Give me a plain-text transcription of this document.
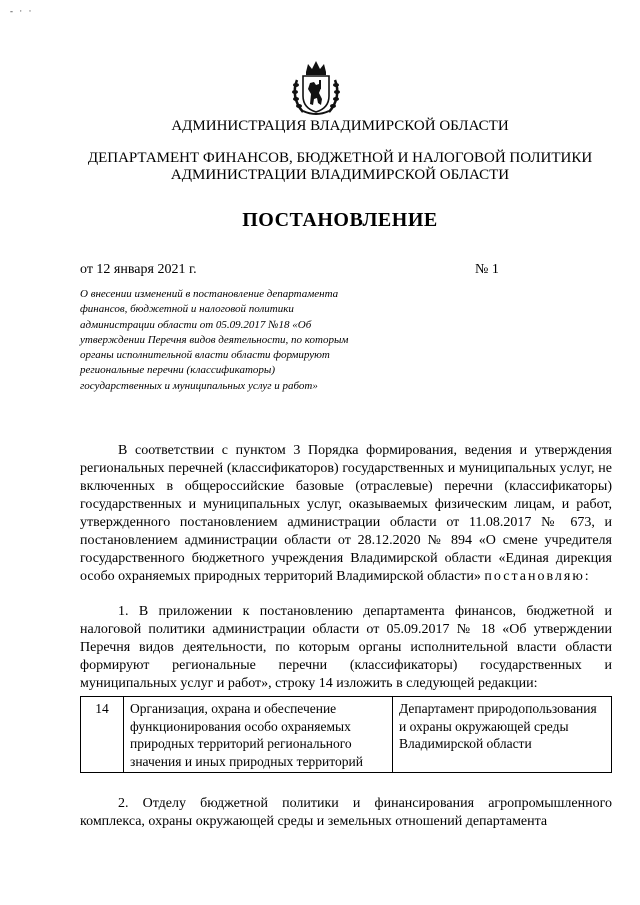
- · ·
АДМИНИСТРАЦИЯ ВЛАДИМИРСКОЙ ОБЛАСТИ
ДЕПАРТАМЕНТ ФИНАНСОВ, БЮДЖЕТНОЙ И НАЛОГОВОЙ ПОЛИТИКИ
АДМИНИСТРАЦИИ ВЛАДИМИРСКОЙ ОБЛАСТИ
ПОСТАНОВЛЕНИЕ
от 12 января 2021 г.	№ 1
О внесении изменений в постановление департамента финансов, бюджетной и налоговой политики администрации области от 05.09.2017 №18 «Об утверждении Перечня видов деятельности, по которым органы исполнительной власти области формируют региональные перечни (классификаторы) государственных и муниципальных услуг и работ»
В соответствии с пунктом 3 Порядка формирования, ведения и утверждения региональных перечней (классификаторов) государственных и муниципальных услуг, не включенных в общероссийские базовые (отраслевые) перечни (классификаторы) государственных и муниципальных услуг, оказываемых физическим лицам, и работ, утвержденного постановлением администрации области от 11.08.2017 № 673, и постановлением администрации области от 28.12.2020 № 894 «О смене учредителя государственного бюджетного учреждения Владимирской области «Единая дирекция особо охраняемых природных территорий Владимирской области» постановляю:
1. В приложении к постановлению департамента финансов, бюджетной и налоговой политики администрации области от 05.09.2017 № 18 «Об утверждении Перечня видов деятельности, по которым органы исполнительной власти области формируют региональные перечни (классификаторы) государственных и муниципальных услуг и работ», строку 14 изложить в следующей редакции:
14	Организация, охрана и обеспечение функционирования особо охраняемых природных территорий регионального значения и иных природных территорий	Департамент природопользования и охраны окружающей среды Владимирской области
2. Отделу бюджетной политики и финансирования агропромышленного комплекса, охраны окружающей среды и земельных отношений департамента
